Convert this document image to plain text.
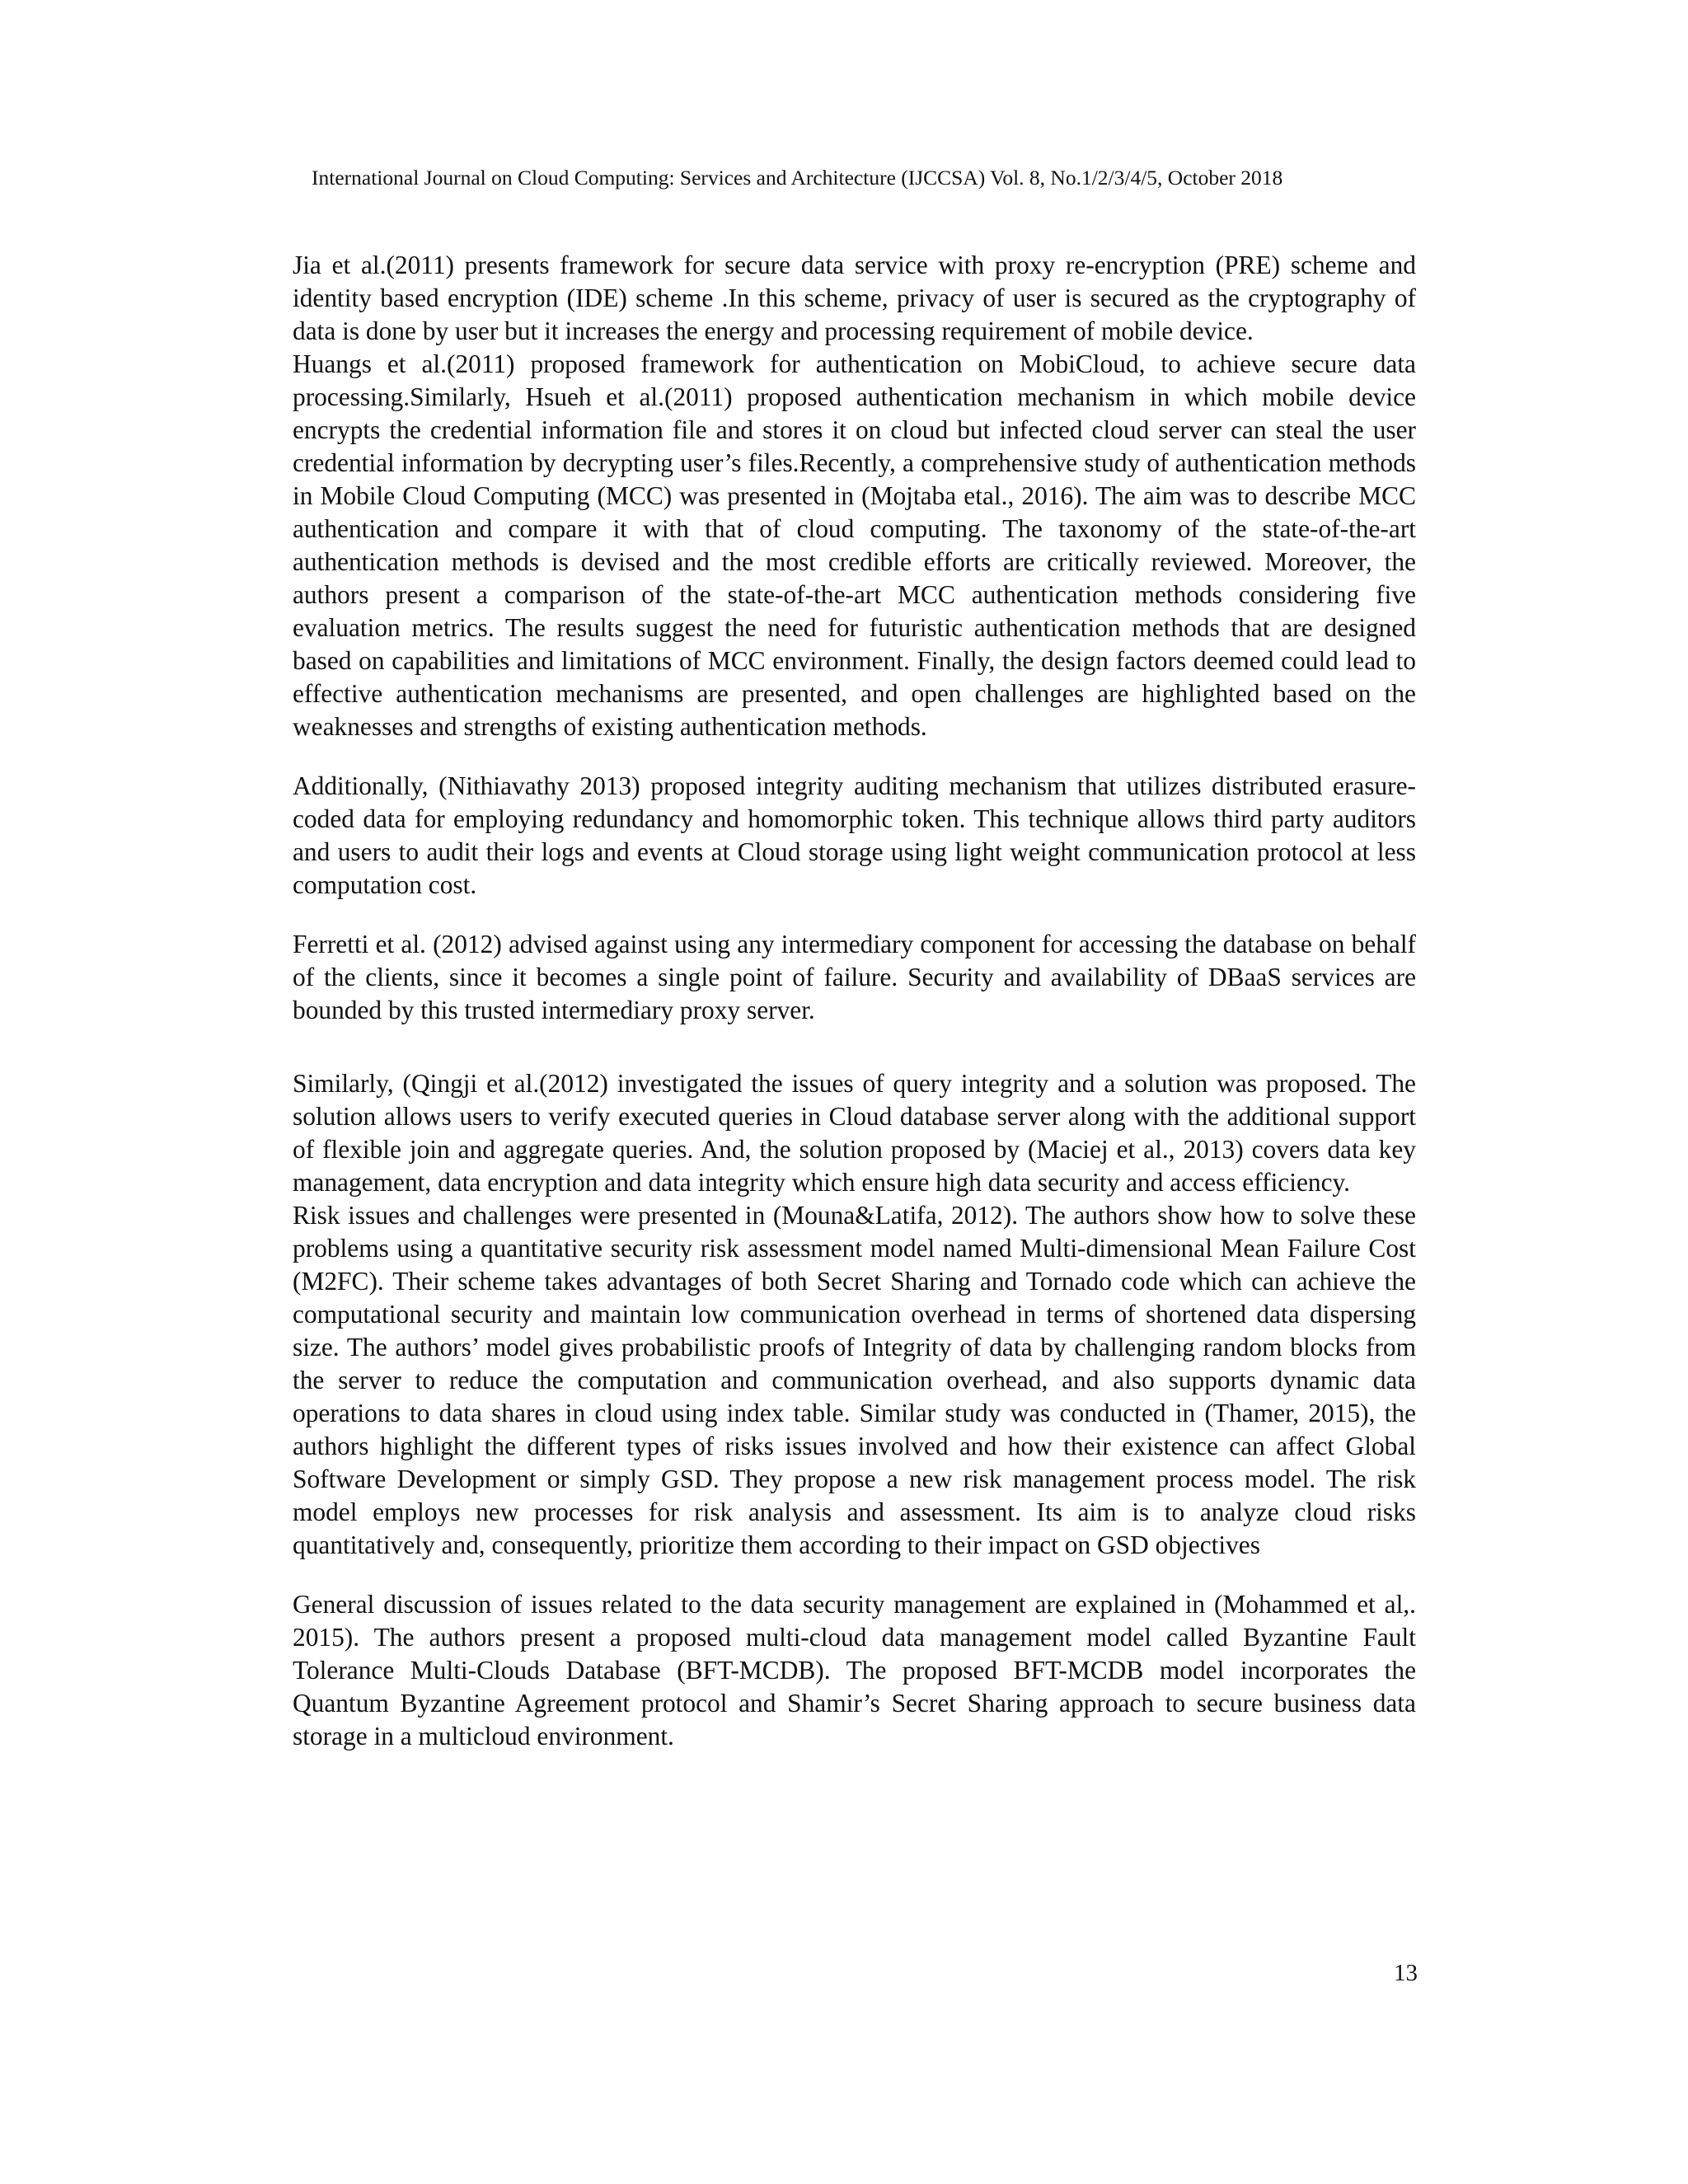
International Journal on Cloud Computing: Services and Architecture (IJCCSA) Vol. 8, No.1/2/3/4/5, October 2018

Jia et al.(2011) presents framework for secure data service with proxy re-encryption (PRE) scheme and identity based encryption (IDE) scheme .In this scheme, privacy of user is secured as the cryptography of data is done by user but it increases the energy and processing requirement of mobile device.

Huangs et al.(2011) proposed framework for authentication on MobiCloud, to achieve secure data processing.Similarly, Hsueh et al.(2011) proposed authentication mechanism in which mobile device encrypts the credential information file and stores it on cloud but infected cloud server can steal the user credential information by decrypting user’s files.Recently, a comprehensive study of authentication methods in Mobile Cloud Computing (MCC) was presented in (Mojtaba etal., 2016). The aim was to describe MCC authentication and compare it with that of cloud computing. The taxonomy of the state-of-the-art authentication methods is devised and the most credible efforts are critically reviewed. Moreover, the authors present a comparison of the state-of-the-art MCC authentication methods considering five evaluation metrics. The results suggest the need for futuristic authentication methods that are designed based on capabilities and limitations of MCC environment. Finally, the design factors deemed could lead to effective authentication mechanisms are presented, and open challenges are highlighted based on the weaknesses and strengths of existing authentication methods.

Additionally, (Nithiavathy 2013) proposed integrity auditing mechanism that utilizes distributed erasure-coded data for employing redundancy and homomorphic token. This technique allows third party auditors and users to audit their logs and events at Cloud storage using light weight communication protocol at less computation cost.

Ferretti et al. (2012) advised against using any intermediary component for accessing the database on behalf of the clients, since it becomes a single point of failure. Security and availability of DBaaS services are bounded by this trusted intermediary proxy server.

Similarly, (Qingji et al.(2012) investigated the issues of query integrity and a solution was proposed. The solution allows users to verify executed queries in Cloud database server along with the additional support of flexible join and aggregate queries. And, the solution proposed by (Maciej et al., 2013) covers data key management, data encryption and data integrity which ensure high data security and access efficiency.

Risk issues and challenges were presented in (Mouna&Latifa, 2012). The authors show how to solve these problems using a quantitative security risk assessment model named Multi-dimensional Mean Failure Cost (M2FC). Their scheme takes advantages of both Secret Sharing and Tornado code which can achieve the computational security and maintain low communication overhead in terms of shortened data dispersing size. The authors’ model gives probabilistic proofs of Integrity of data by challenging random blocks from the server to reduce the computation and communication overhead, and also supports dynamic data operations to data shares in cloud using index table. Similar study was conducted in (Thamer, 2015), the authors highlight the different types of risks issues involved and how their existence can affect Global Software Development or simply GSD. They propose a new risk management process model. The risk model employs new processes for risk analysis and assessment. Its aim is to analyze cloud risks quantitatively and, consequently, prioritize them according to their impact on GSD objectives

General discussion of issues related to the data security management are explained in (Mohammed et al,. 2015). The authors present a proposed multi-cloud data management model called Byzantine Fault Tolerance Multi-Clouds Database (BFT-MCDB). The proposed BFT-MCDB model incorporates the Quantum Byzantine Agreement protocol and Shamir’s Secret Sharing approach to secure business data storage in a multicloud environment.

13
